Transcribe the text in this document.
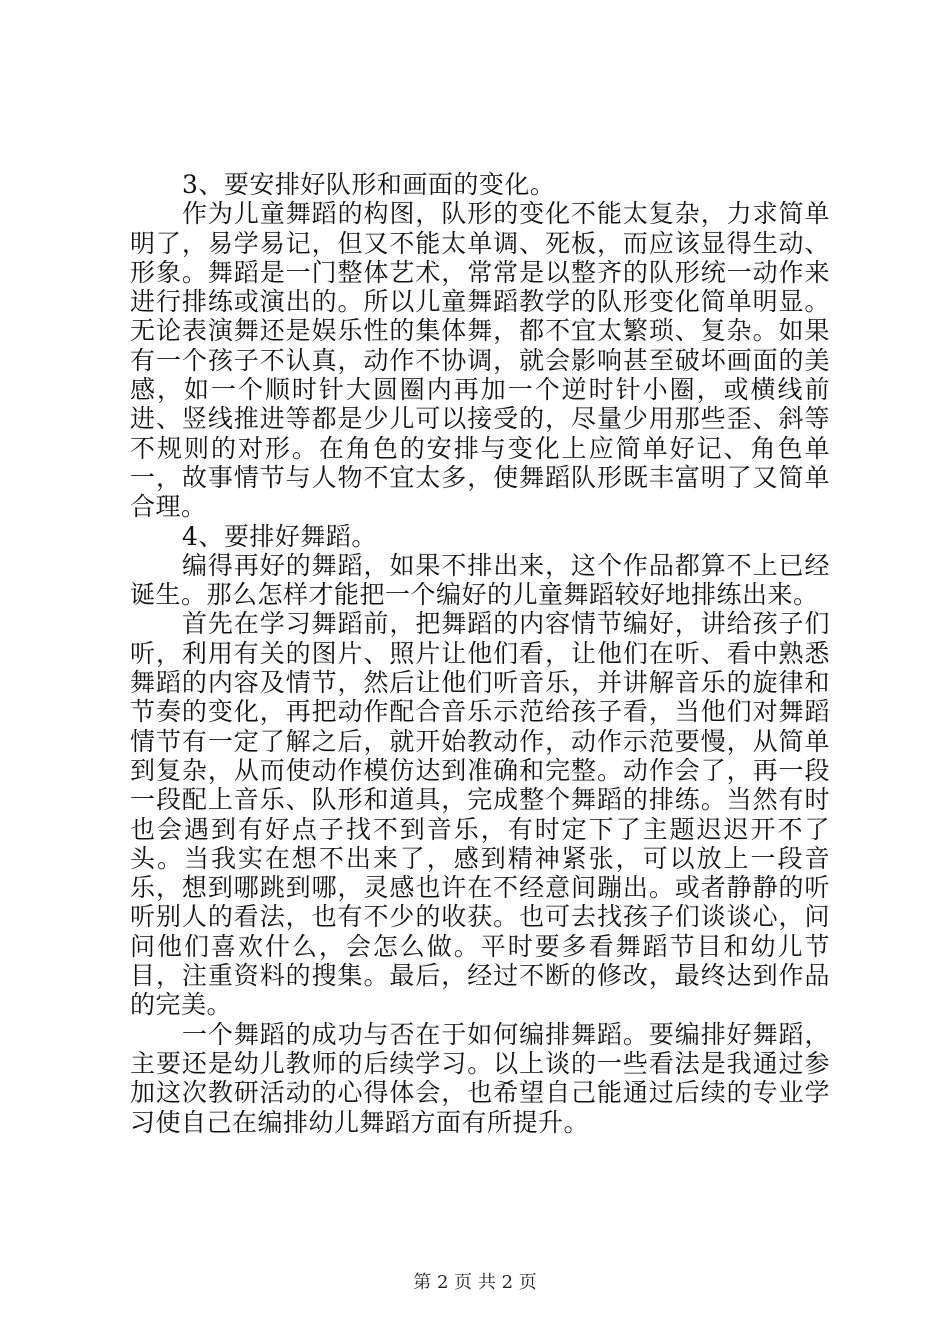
3、要安排好队形和画面的变化。

作为儿童舞蹈的构图，队形的变化不能太复杂，力求简单明了，易学易记，但又不能太单调、死板，而应该显得生动、形象。舞蹈是一门整体艺术，常常是以整齐的队形统一动作来进行排练或演出的。所以儿童舞蹈教学的队形变化简单明显。无论表演舞还是娱乐性的集体舞，都不宜太繁琐、复杂。如果有一个孩子不认真，动作不协调，就会影响甚至破坏画面的美感，如一个顺时针大圆圈内再加一个逆时针小圈，或横线前进、竖线推进等都是少儿可以接受的，尽量少用那些歪、斜等不规则的对形。在角色的安排与变化上应简单好记、角色单一，故事情节与人物不宜太多，使舞蹈队形既丰富明了又简单合理。

4、要排好舞蹈。

编得再好的舞蹈，如果不排出来，这个作品都算不上已经诞生。那么怎样才能把一个编好的儿童舞蹈较好地排练出来。

首先在学习舞蹈前，把舞蹈的内容情节编好，讲给孩子们听，利用有关的图片、照片让他们看，让他们在听、看中熟悉舞蹈的内容及情节，然后让他们听音乐，并讲解音乐的旋律和节奏的变化，再把动作配合音乐示范给孩子看，当他们对舞蹈情节有一定了解之后，就开始教动作，动作示范要慢，从简单到复杂，从而使动作模仿达到准确和完整。动作会了，再一段一段配上音乐、队形和道具，完成整个舞蹈的排练。当然有时也会遇到有好点子找不到音乐，有时定下了主题迟迟开不了头。当我实在想不出来了，感到精神紧张，可以放上一段音乐，想到哪跳到哪，灵感也许在不经意间蹦出。或者静静的听听别人的看法，也有不少的收获。也可去找孩子们谈谈心，问问他们喜欢什么，会怎么做。平时要多看舞蹈节目和幼儿节目，注重资料的搜集。最后，经过不断的修改，最终达到作品的完美。

一个舞蹈的成功与否在于如何编排舞蹈。要编排好舞蹈，主要还是幼儿教师的后续学习。以上谈的一些看法是我通过参加这次教研活动的心得体会，也希望自己能通过后续的专业学习使自己在编排幼儿舞蹈方面有所提升。

第 2 页 共 2 页
